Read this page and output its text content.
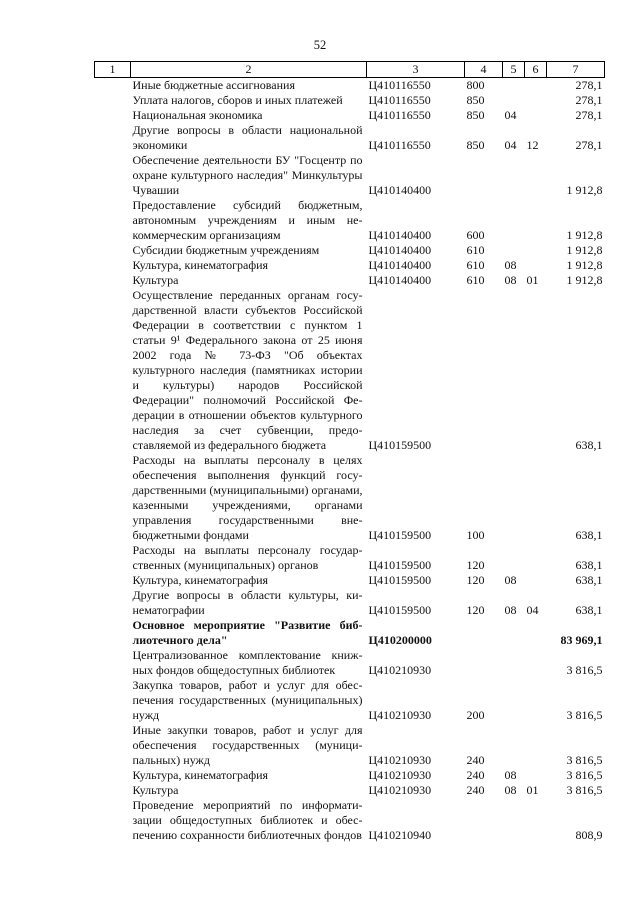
52
1	2	3	4	5	6	7
	Иные бюджетные ассигнования	Ц410116550	800			278,1
	Уплата налогов, сборов и иных платежей	Ц410116550	850			278,1
	Национальная экономика	Ц410116550	850	04		278,1
	Другие вопросы в области национальной экономики	Ц410116550	850	04	12	278,1
	Обеспечение деятельности БУ "Госцентр по охране культурного наследия" Минкультуры Чувашии	Ц410140400				1 912,8
	Предоставление субсидий бюджетным, автономным учреждениям и иным некоммерческим организациям	Ц410140400	600			1 912,8
	Субсидии бюджетным учреждениям	Ц410140400	610			1 912,8
	Культура, кинематография	Ц410140400	610	08		1 912,8
	Культура	Ц410140400	610	08	01	1 912,8
	Осуществление переданных органам государственной власти субъектов Российской Федерации в соответствии с пунктом 1 статьи 9¹ Федерального закона от 25 июня 2002 года № 73-ФЗ "Об объектах культурного наследия (памятниках истории и культуры) народов Российской Федерации" полномочий Российской Федерации в отношении объектов культурного наследия за счет субвенции, предоставляемой из федерального бюджета	Ц410159500				638,1
	Расходы на выплаты персоналу в целях обеспечения выполнения функций государственными (муниципальными) органами, казенными учреждениями, органами управления государственными внебюджетными фондами	Ц410159500	100			638,1
	Расходы на выплаты персоналу государственных (муниципальных) органов	Ц410159500	120			638,1
	Культура, кинематография	Ц410159500	120	08		638,1
	Другие вопросы в области культуры, кинематографии	Ц410159500	120	08	04	638,1
	Основное мероприятие "Развитие библиотечного дела"	Ц410200000				83 969,1
	Централизованное комплектование книжных фондов общедоступных библиотек	Ц410210930				3 816,5
	Закупка товаров, работ и услуг для обеспечения государственных (муниципальных) нужд	Ц410210930	200			3 816,5
	Иные закупки товаров, работ и услуг для обеспечения государственных (муниципальных) нужд	Ц410210930	240			3 816,5
	Культура, кинематография	Ц410210930	240	08		3 816,5
	Культура	Ц410210930	240	08	01	3 816,5
	Проведение мероприятий по информатизации общедоступных библиотек и обеспечению сохранности библиотечных фондов	Ц410210940				808,9
